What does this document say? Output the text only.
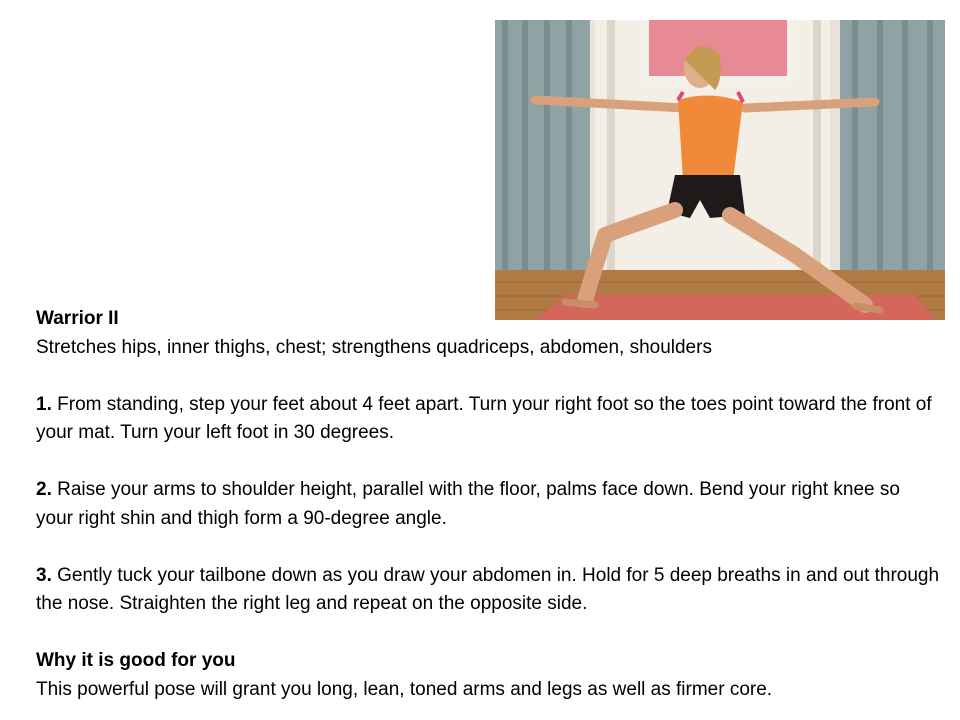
Warrior II

Stretches hips, inner thighs, chest; strengthens quadriceps, abdomen, shoulders

1. From standing, step your feet about 4 feet apart. Turn your right foot so the toes point toward the front of your mat. Turn your left foot in 30 degrees.

2. Raise your arms to shoulder height, parallel with the floor, palms face down. Bend your right knee so your right shin and thigh form a 90-degree angle.

3. Gently tuck your tailbone down as you draw your abdomen in. Hold for 5 deep breaths in and out through the nose. Straighten the right leg and repeat on the opposite side.

Why it is good for you

This powerful pose will grant you long, lean, toned arms and legs as well as firmer core.
